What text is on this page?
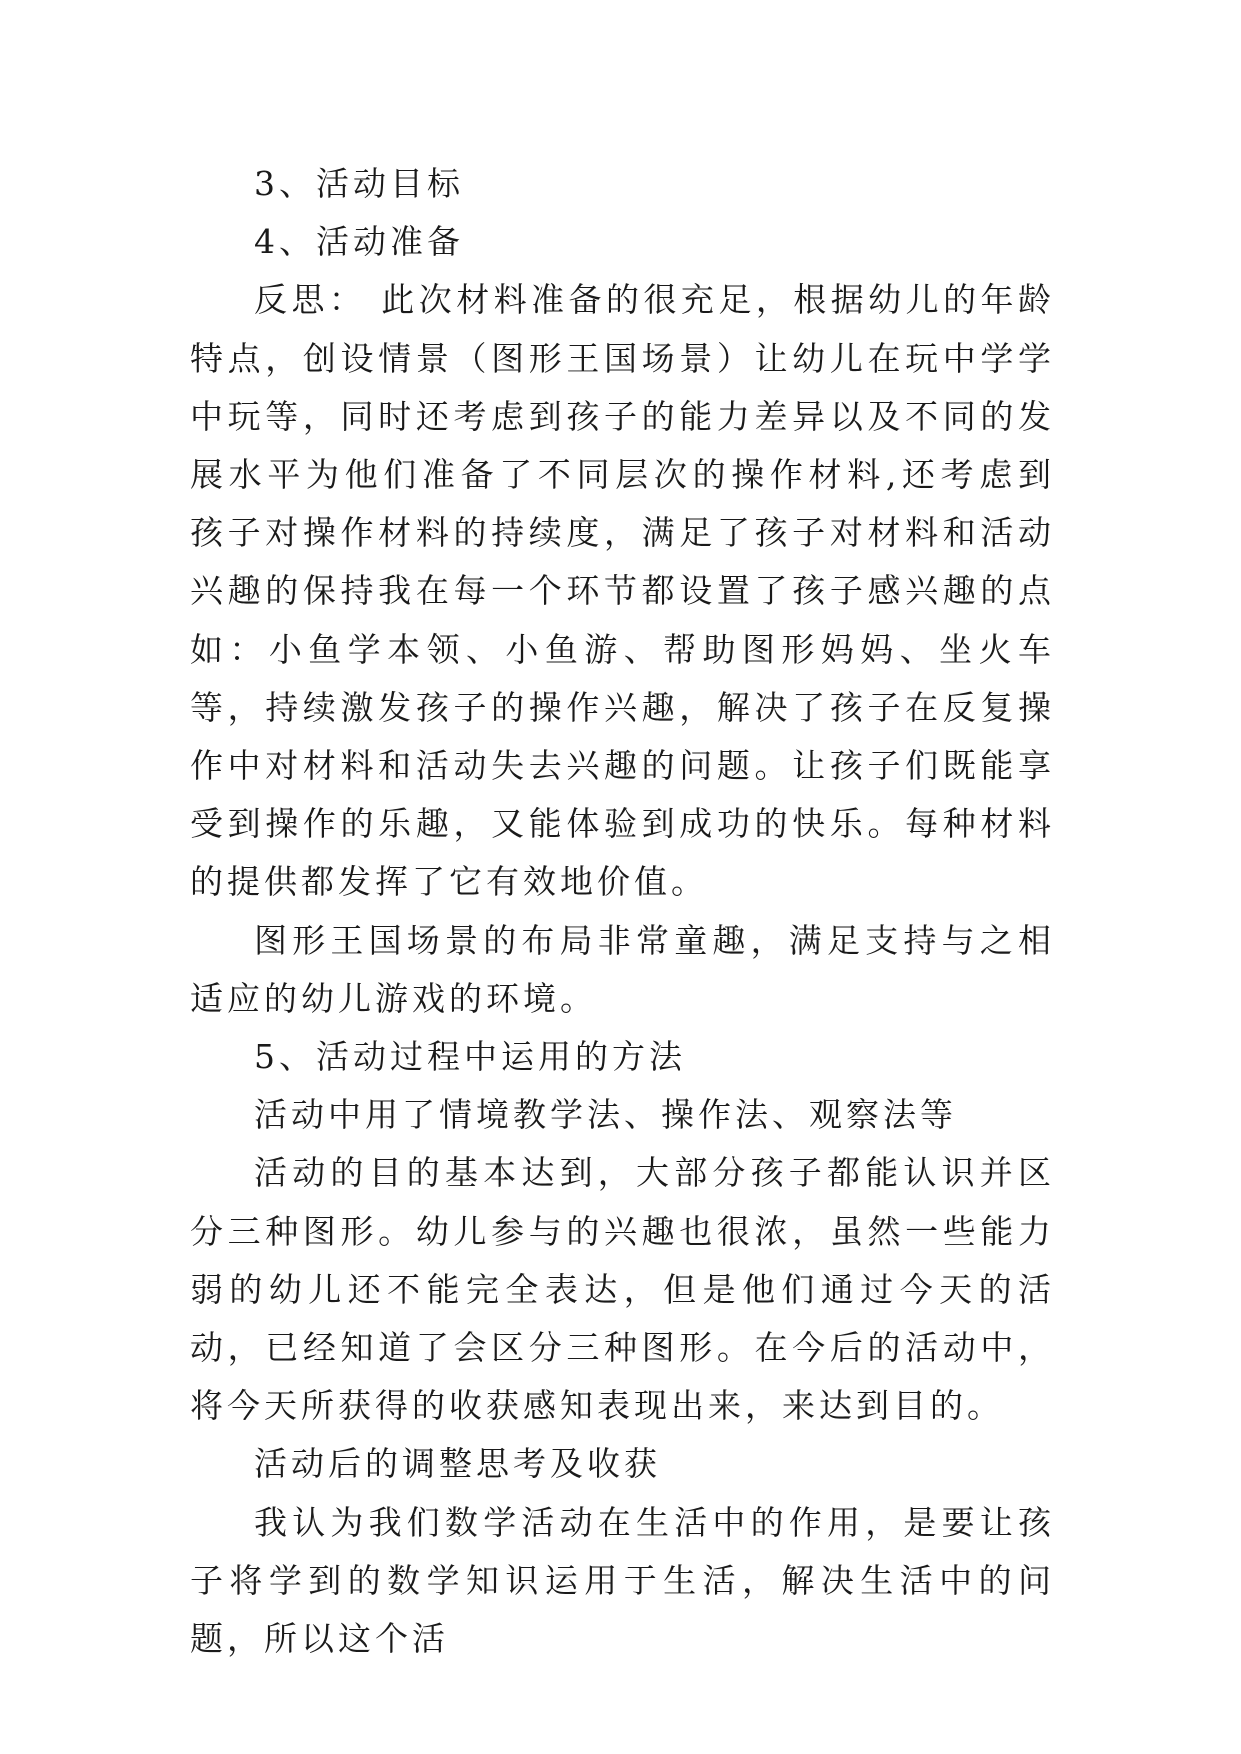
3、活动目标

4、活动准备

反思： 此次材料准备的很充足，根据幼儿的年龄特点，创设情景（图形王国场景）让幼儿在玩中学学中玩等，同时还考虑到孩子的能力差异以及不同的发展水平为他们准备了不同层次的操作材料,还考虑到孩子对操作材料的持续度，满足了孩子对材料和活动兴趣的保持我在每一个环节都设置了孩子感兴趣的点如：小鱼学本领、小鱼游、帮助图形妈妈、坐火车等，持续激发孩子的操作兴趣，解决了孩子在反复操作中对材料和活动失去兴趣的问题。让孩子们既能享受到操作的乐趣，又能体验到成功的快乐。每种材料的提供都发挥了它有效地价值。

图形王国场景的布局非常童趣，满足支持与之相适应的幼儿游戏的环境。

5、活动过程中运用的方法

活动中用了情境教学法、操作法、观察法等

活动的目的基本达到，大部分孩子都能认识并区分三种图形。幼儿参与的兴趣也很浓，虽然一些能力弱的幼儿还不能完全表达，但是他们通过今天的活动，已经知道了会区分三种图形。在今后的活动中，将今天所获得的收获感知表现出来，来达到目的。

活动后的调整思考及收获

我认为我们数学活动在生活中的作用，是要让孩子将学到的数学知识运用于生活，解决生活中的问题，所以这个活
